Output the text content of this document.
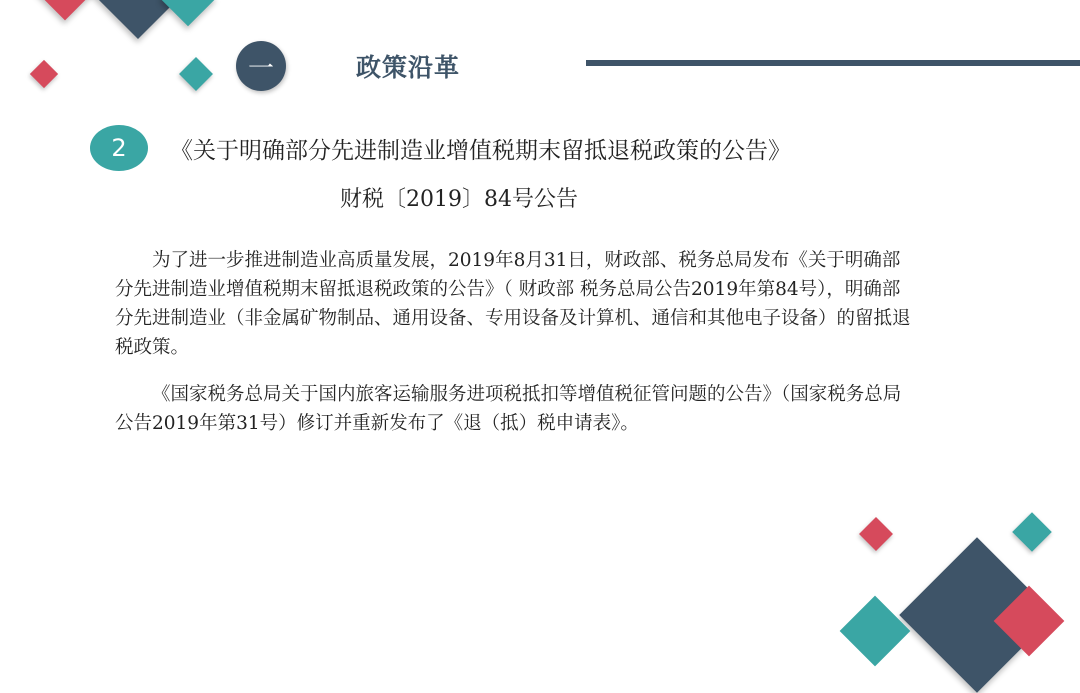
一	政策沿革
2 《关于明确部分先进制造业增值税期末留抵退税政策的公告》
财税〔2019〕84号公告
为了进一步推进制造业高质量发展，2019年8月31日，财政部、税务总局发布《关于明确部分先进制造业增值税期末留抵退税政策的公告》（ 财政部 税务总局公告2019年第84号），明确部分先进制造业（非金属矿物制品、通用设备、专用设备及计算机、通信和其他电子设备）的留抵退税政策。
《国家税务总局关于国内旅客运输服务进项税抵扣等增值税征管问题的公告》（国家税务总局公告2019年第31号）修订并重新发布了《退（抵）税申请表》。
